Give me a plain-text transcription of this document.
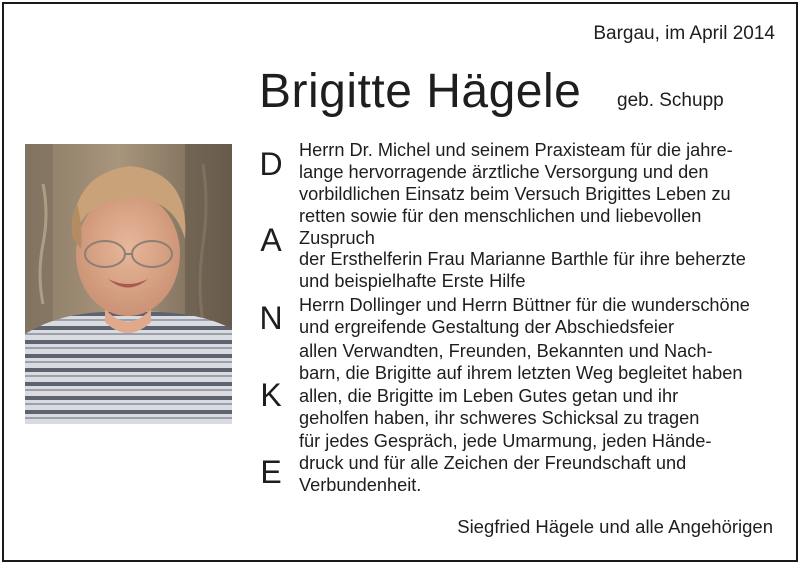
Bargau, im April 2014
Brigitte Hägele geb. Schupp
D
A
N
K
E
Herrn Dr. Michel und seinem Praxisteam für die jahre-
lange hervorragende ärztliche Versorgung und den
vorbildlichen Einsatz beim Versuch Brigittes Leben zu
retten sowie für den menschlichen und liebevollen
Zuspruch
der Ersthelferin Frau Marianne Barthle für ihre beherzte
und beispielhafte Erste Hilfe
Herrn Dollinger und Herrn Büttner für die wunderschöne
und ergreifende Gestaltung der Abschiedsfeier
allen Verwandten, Freunden, Bekannten und Nach-
barn, die Brigitte auf ihrem letzten Weg begleitet haben
allen, die Brigitte im Leben Gutes getan und ihr
geholfen haben, ihr schweres Schicksal zu tragen
für jedes Gespräch, jede Umarmung, jeden Hände-
druck und für alle Zeichen der Freundschaft und
Verbundenheit.
Siegfried Hägele und alle Angehörigen
